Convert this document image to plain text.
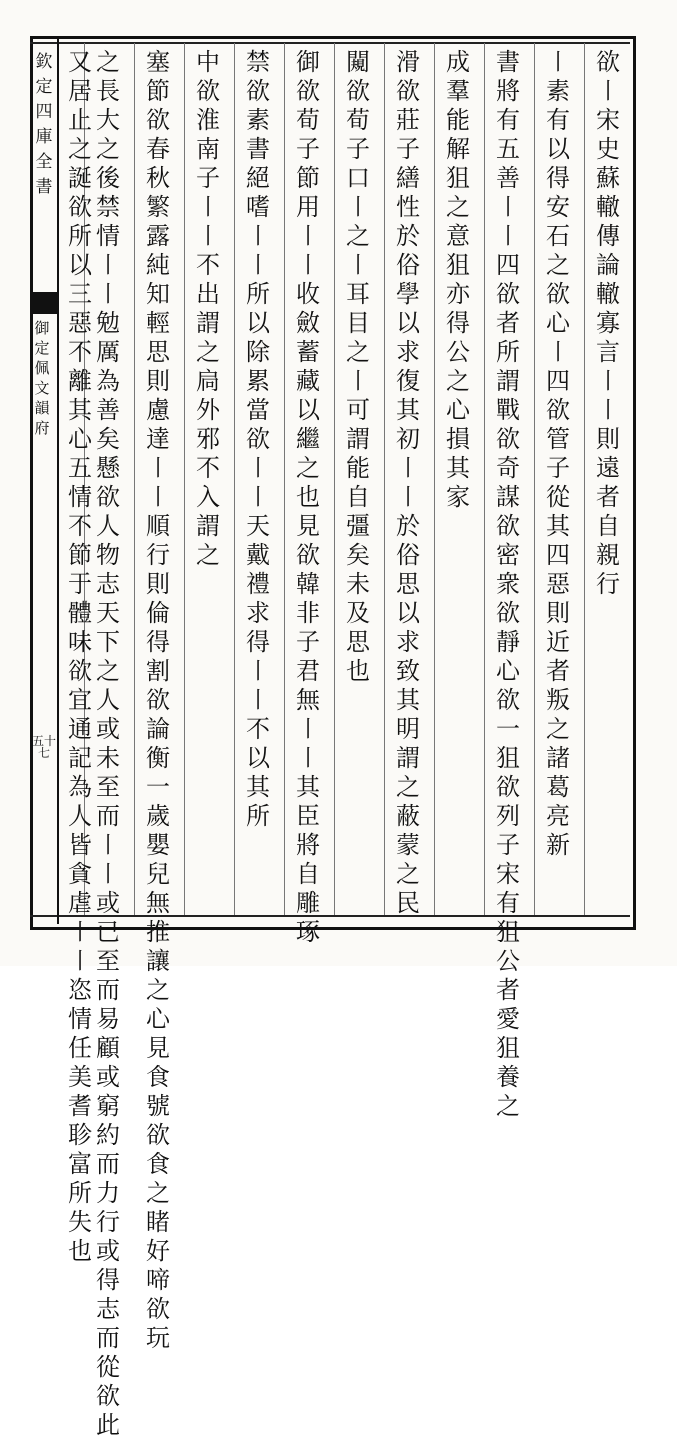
欽定四庫全書
御定佩文韻府
五十七
欲
〡
宋
史
蘇
轍
傳
論
轍
寡
言
〡
〡
則
遠
者
自
親
行
〡
素
有
以
得
安
石
之
欲
心
〡
四
欲
管
子
從
其
四
惡
則
近
者
叛
之
諸
葛
亮
新
書
將
有
五
善
〡
〡
四
欲
者
所
謂
戰
欲
奇
謀
欲
密
衆
欲
靜
心
欲
一
狙
欲
列
子
宋
有
狙
公
者
愛
狙
養
之
成
羣
能
解
狙
之
意
狙
亦
得
公
之
心
損
其
家
滑
欲
莊
子
繕
性
於
俗
學
以
求
復
其
初
〡
〡
於
俗
思
以
求
致
其
明
謂
之
蔽
蒙
之
民
闚
欲
荀
子
口
〡
之
〡
耳
目
之
〡
可
謂
能
自
彊
矣
未
及
思
也
御
欲
荀
子
節
用
〡
〡
收
斂
蓄
藏
以
繼
之
也
見
欲
韓
非
子
君
無
〡
〡
其
臣
將
自
雕
琢
禁
欲
素
書
絕
嗜
〡
〡
所
以
除
累
當
欲
〡
〡
天
戴
禮
求
得
〡
〡
不
以
其
所
中
欲
淮
南
子
〡
〡
不
出
謂
之
扃
外
邪
不
入
謂
之
塞
節
欲
春
秋
繁
露
純
知
輕
思
則
慮
達
〡
〡
順
行
則
倫
得
割
欲
論
衡
一
歲
嬰
兒
無
推
讓
之
心
見
食
號
欲
食
之
睹
好
啼
欲
玩
之
長
大
之
後
禁
情
〡
〡
勉
厲
為
善
矣
懸
欲
人
物
志
天
下
之
人
或
未
至
而
〡
〡
或
已
至
而
易
顧
或
窮
約
而
力
行
或
得
志
而
從
欲
此
又
居
止
之
誕
欲
所
以
三
惡
不
離
其
心
五
情
不
節
于
體
味
欲
宜
通
記
為
人
皆
貪
虐
〡
〡
恣
情
任
美
耆
聄
富
所
失
也
